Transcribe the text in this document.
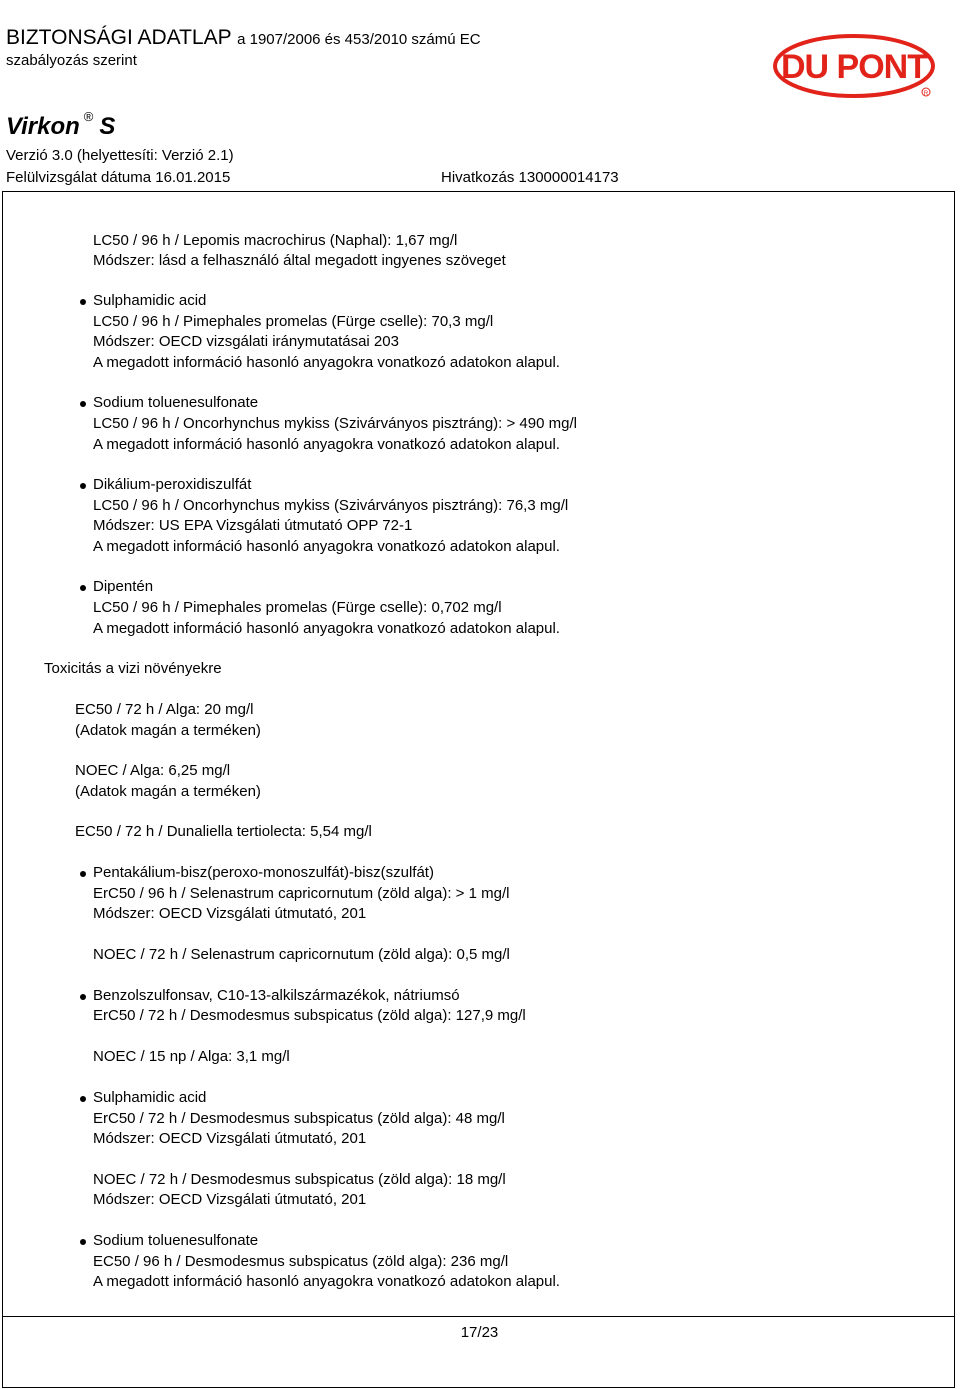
BIZTONSÁGI ADATLAP a 1907/2006 és 453/2010 számú EC
szabályozás szerint	DU PONT
R
Virkon ® S
Verzió 3.0 (helyettesíti: Verzió 2.1)
Felülvizsgálat dátuma 16.01.2015	Hivatkozás 130000014173
LC50 / 96 h / Lepomis macrochirus (Naphal): 1,67 mg/l
Módszer: lásd a felhasználó által megadott ingyenes szöveget
Sulphamidic acid
LC50 / 96 h / Pimephales promelas (Fürge cselle): 70,3 mg/l
Módszer: OECD vizsgálati iránymutatásai 203
A megadott információ hasonló anyagokra vonatkozó adatokon alapul.
Sodium toluenesulfonate
LC50 / 96 h / Oncorhynchus mykiss (Szivárványos pisztráng): > 490 mg/l
A megadott információ hasonló anyagokra vonatkozó adatokon alapul.
Dikálium-peroxidiszulfát
LC50 / 96 h / Oncorhynchus mykiss (Szivárványos pisztráng): 76,3 mg/l
Módszer: US EPA Vizsgálati útmutató OPP 72-1
A megadott információ hasonló anyagokra vonatkozó adatokon alapul.
Dipentén
LC50 / 96 h / Pimephales promelas (Fürge cselle): 0,702 mg/l
A megadott információ hasonló anyagokra vonatkozó adatokon alapul.
Toxicitás a vizi növényekre
EC50 / 72 h / Alga: 20 mg/l
(Adatok magán a terméken)
NOEC / Alga: 6,25 mg/l
(Adatok magán a terméken)
EC50 / 72 h / Dunaliella tertiolecta: 5,54 mg/l
Pentakálium-bisz(peroxo-monoszulfát)-bisz(szulfát)
ErC50 / 96 h / Selenastrum capricornutum (zöld alga): > 1 mg/l
Módszer: OECD Vizsgálati útmutató, 201
NOEC / 72 h / Selenastrum capricornutum (zöld alga): 0,5 mg/l
Benzolszulfonsav, C10-13-alkilszármazékok, nátriumsó
ErC50 / 72 h / Desmodesmus subspicatus (zöld alga): 127,9 mg/l
NOEC / 15 np / Alga: 3,1 mg/l
Sulphamidic acid
ErC50 / 72 h / Desmodesmus subspicatus (zöld alga): 48 mg/l
Módszer: OECD Vizsgálati útmutató, 201
NOEC / 72 h / Desmodesmus subspicatus (zöld alga): 18 mg/l
Módszer: OECD Vizsgálati útmutató, 201
Sodium toluenesulfonate
EC50 / 96 h / Desmodesmus subspicatus (zöld alga): 236 mg/l
A megadott információ hasonló anyagokra vonatkozó adatokon alapul.
17/23
